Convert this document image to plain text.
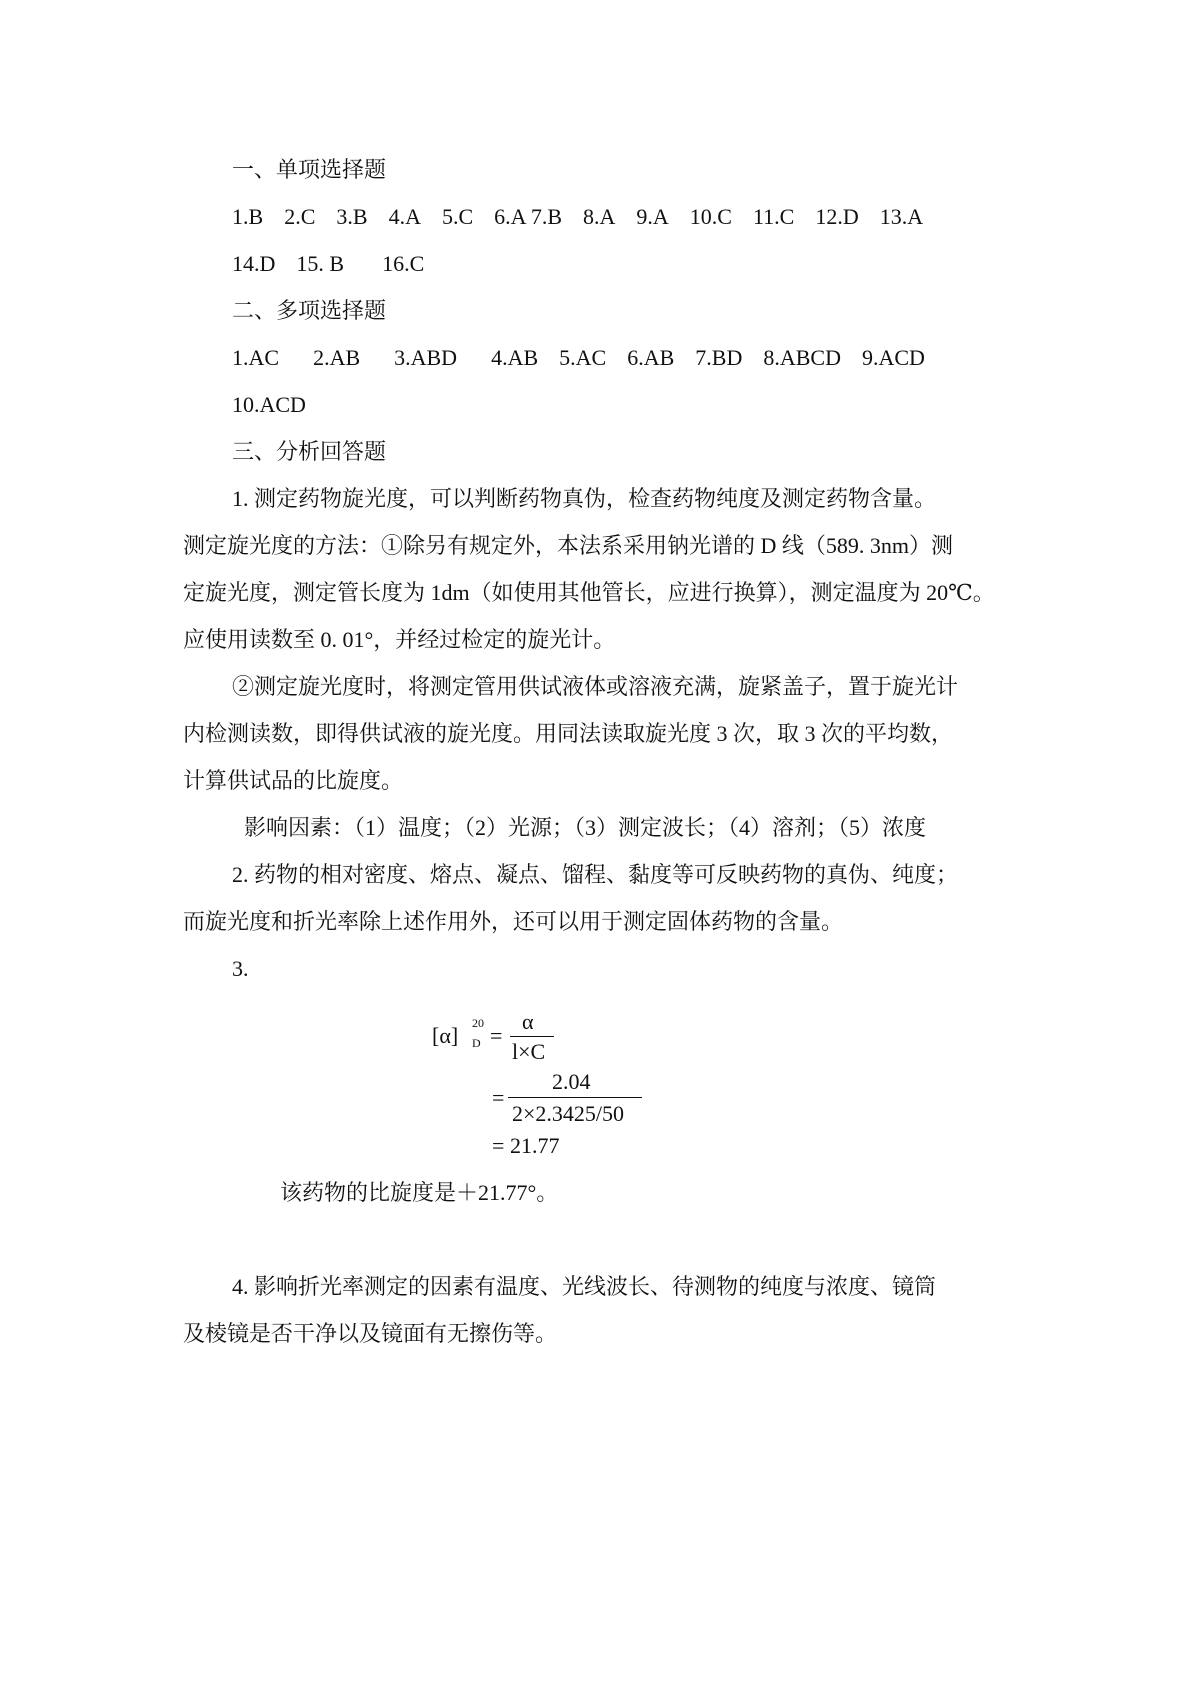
一、单项选择题
1.B 2.C 3.B 4.A 5.C 6.A 7.B 8.A 9.A 10.C 11.C 12.D 13.A
14.D 15. B 16.C
二、多项选择题
1.AC 2.AB 3.ABD 4.AB 5.AC 6.AB 7.BD 8.ABCD 9.ACD
10.ACD
三、分析回答题
1. 测定药物旋光度，可以判断药物真伪，检查药物纯度及测定药物含量。
测定旋光度的方法：①除另有规定外，本法系采用钠光谱的 D 线（589. 3nm）测
定旋光度，测定管长度为 1dm（如使用其他管长，应进行换算），测定温度为 20℃。
应使用读数至 0. 01°，并经过检定的旋光计。
②测定旋光度时，将测定管用供试液体或溶液充满，旋紧盖子，置于旋光计
内检测读数，即得供试液的旋光度。用同法读取旋光度 3 次，取 3 次的平均数，
计算供试品的比旋度。
影响因素：（1）温度；（2）光源；（3）测定波长；（4）溶剂；（5）浓度
2. 药物的相对密度、熔点、凝点、馏程、黏度等可反映药物的真伪、纯度；
而旋光度和折光率除上述作用外，还可以用于测定固体药物的含量。
3.
[α] 20
D =
α
l×C
=
2.04
2×2.3425/50
= 21.77
该药物的比旋度是＋21.77°。
4. 影响折光率测定的因素有温度、光线波长、待测物的纯度与浓度、镜筒
及棱镜是否干净以及镜面有无擦伤等。
